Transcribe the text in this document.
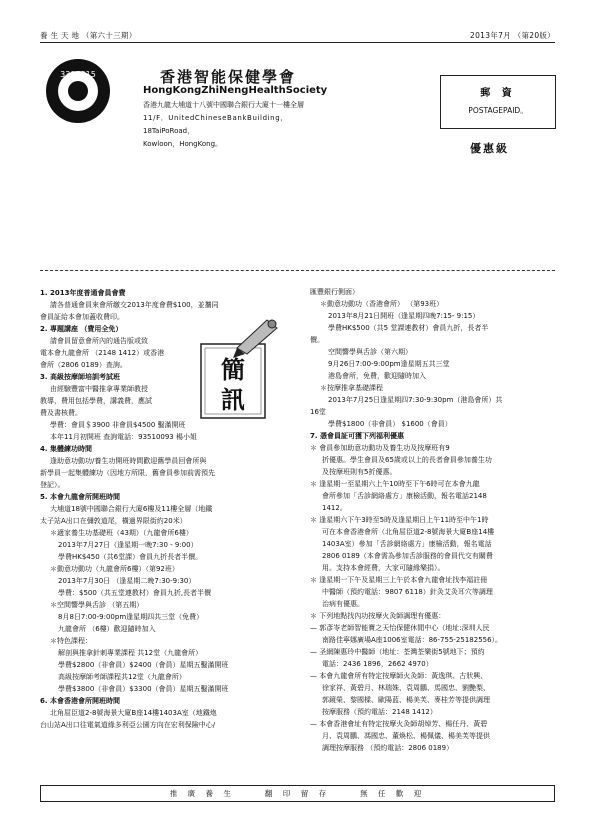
養 生 天 地 （第六十三期）	2013年7月 （第20版）
3396815	香港智能保健學會
HongKongZhiNengHealthSociety
香港九龍大埔道十八號中國聯合銀行大廈十一樓全層
11/F．UnitedChineseBankBuilding，
18TaiPoRoad，
Kowloon，HongKong。
郵 資
POSTAGEPAID。
優惠級
1. 2013年度普通會員會費
請各普通會員來會所繳交2013年度會費$100，並攜同
會員証給本會加蓋收費印。
2. 專題講座 （費用全免）
請會員留意會所內的通告版或致
電本會九龍會所 （2148 1412）或香港
會所（2806 0189）查詢。
3. 高級按摩師培訓考試班
由經驗豐富中醫推拿專業師教授
教導，費用包括學費，講義費，應試
費及書核費。
學費：會員＄3900 非會員$4500 鑿滿開班
本年11月初開班 查詢電話：93510093 楊小姐
4. 集體練功時間
逢助意功動功/養生功開班時間歡迎舊學員回會所與
新學員一起集體練功（因地方所限，舊會員參加前需預先
登記）。
5. 本會九龍會所開班時間
大埔道18號中國聯合銀行大廈6樓及11樓全層（地鐵
太子站A出口在彌敦道尾，橫過界限街約20米）
＊適家養生功基礎班（43期）（九龍會所6樓）
2013年7月27日（逢星期一晚7:30 - 9:00）
學費HK$450（共6堂課）會員九折長者半價。
＊動意功動功（九龍會所6樓）（第92班）
2013年7月30日 （逢星期二晚7:30-9:30）
學費：$500（共五堂連教材）會員九折,長者半價
＊空間響學與舌診 （第五期）
8月8日7:00-9:00pm逢星期四共三堂（免費）
九龍會所 （6樓）歡迎隨時加入
＊特色課程：
解剖與推拿針刺專業課程 共12堂（九龍會所）
學費$2800（非會員）$2400（會員）星期五鑿滿開班
高級按摩師考師課程共12堂（九龍會所）
學費$3800（非會員）$3300（會員）星期五鑿滿開班
6. 本會香港會所開班時間
北角屈臣道2-8號海景大廈B座14樓1403A室（地鐵炮
台山站A出口往電氣道緣多利亞公園方向在宏利保險中心/
匯豐銀行側面）
＊動意功動功（香港會所） （第93班）
2013年8月21日開班（逢星期四晚7:15- 9:15）
學費HK$500（共5 堂課連教材）會員九折，長者半
價。
空間響學與舌診（第六期）
9月26日7:00-9:00pm逢星期五共三堂
港島會所，免費，歡迎隨時加入
＊按摩推拿基礎課程
2013年7月25日逢星期四7:30-9:30pm（港島會所）共
16堂
學費$1800（非會員） $1600（會員）
7. 憑會員証可獲下列福利優惠
＊ 會員參加助意功動功及養生功及按摩班有9
折優惠。學生會員及65歲或以上的長者會員參加養生功
及按摩班則有5折優惠。
＊ 逢星期一至星期六上午10時至下午6時可在本會九龍
會所參加「舌診網絡處方」康檢活動，報名電話2148
1412。
＊ 逢星期六下午3時至5時及逢星期日上午11時至中午1時
可在本會香港會所（北角屈臣道2-8號海景大廈B座14樓
1403A室）參加「舌診網絡處方」康檢活動，報名電話
2806 0189（本會需為參加舌診服務的會員代交有關費
用。支持本會經費，大家可隨緣樂捐）。
＊ 逢星期一下午及星期三上午於本會九龍會址找李福註冊
中醫師（預約電話：9807 6118）針灸艾灸耳穴等調理
治病有優惠。
＊ 下列地點找內功按摩火灸師調理有優惠：
— 郭彥岺老師智能寶之天怡保健休閒中心（地址:深圳人民
南路佳寧娜廣場A座1006室電話：86-755-25182556）。
— 圣網陳惠玲中醫師（地址：荃灣荃樂街5號地下；預約
電話：2436 1896，2662 4970）
— 本會九龍會所有特定按摩師火灸師：黃逸琪、古狀興、
徐家祥、黃碧月、林瑞姝、袁周鵬、馬國忠、劉艷梨、
郭鏡榮、黎國樑、歐陽蓝、楊美芙、麥桂芳等提供調理
按摩服務（預約電話：2148 1412）
— 本會香港會址有特定按摩火灸師胡焯芳、楊任丹、黃碧
月、袁周鵬、馮國忠、董煥松、楊佩儀、楊美芙等提供
調理按摩服務 （預約電話：2806 0189）
簡
訊
推 廣 養 生	翻 印 留 存	無 任 歡 迎
